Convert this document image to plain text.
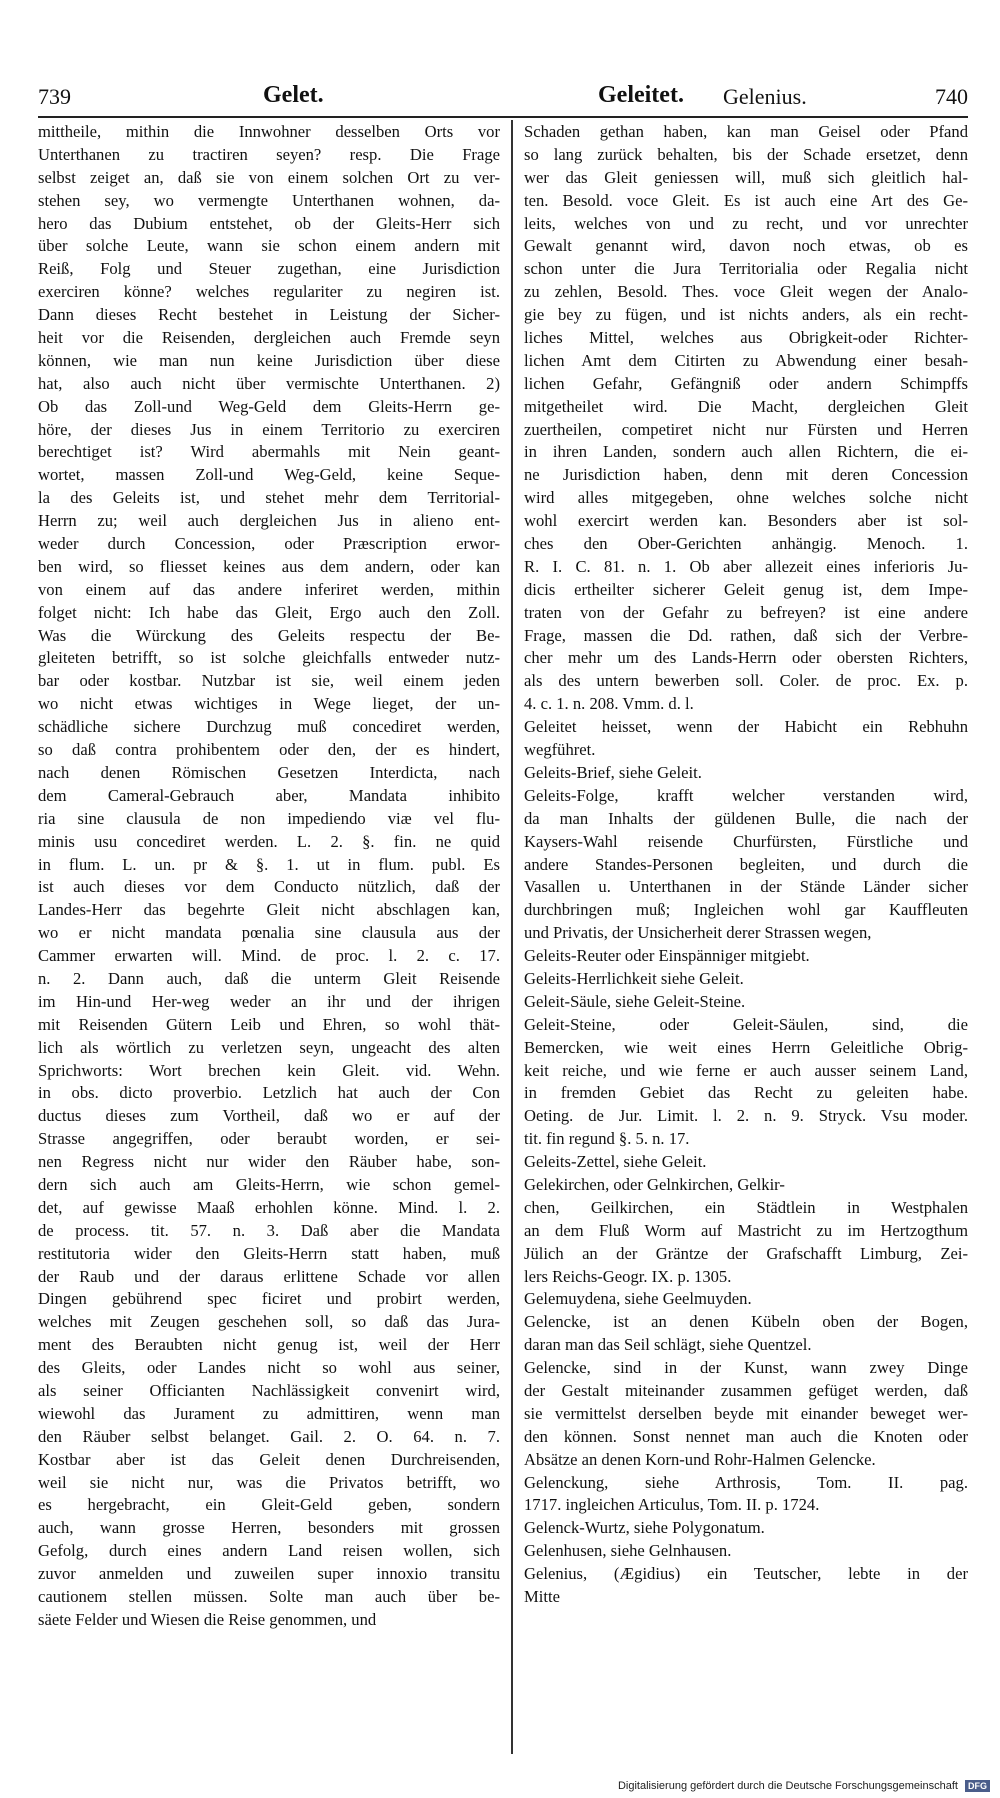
739	Gelet.	Geleitet. Gelenius.	740
mittheile, mithin die Innwohner desselben Orts vor
Unterthanen zu tractiren seyen? resp. Die Frage
selbst zeiget an, daß sie von einem solchen Ort zu ver-
stehen sey, wo vermengte Unterthanen wohnen, da-
hero das Dubium entstehet, ob der Gleits-Herr sich
über solche Leute, wann sie schon einem andern mit
Reiß, Folg und Steuer zugethan, eine Jurisdiction
exerciren könne? welches regulariter zu negiren ist.
Dann dieses Recht bestehet in Leistung der Sicher-
heit vor die Reisenden, dergleichen auch Fremde seyn
können, wie man nun keine Jurisdiction über diese
hat, also auch nicht über vermischte Unterthanen. 2)
Ob das Zoll-und Weg-Geld dem Gleits-Herrn ge-
höre, der dieses Jus in einem Territorio zu exerciren
berechtiget ist? Wird abermahls mit Nein geant-
wortet, massen Zoll-und Weg-Geld, keine Seque-
la des Geleits ist, und stehet mehr dem Territorial-
Herrn zu; weil auch dergleichen Jus in alieno ent-
weder durch Concession, oder Præscription erwor-
ben wird, so fliesset keines aus dem andern, oder kan
von einem auf das andere inferiret werden, mithin
folget nicht: Ich habe das Gleit, Ergo auch den Zoll.
Was die Würckung des Geleits respectu der Be-
gleiteten betrifft, so ist solche gleichfalls entweder nutz-
bar oder kostbar. Nutzbar ist sie, weil einem jeden
wo nicht etwas wichtiges in Wege lieget, der un-
schädliche sichere Durchzug muß concediret werden,
so daß contra prohibentem oder den, der es hindert,
nach denen Römischen Gesetzen Interdicta, nach
dem Cameral-Gebrauch aber, Mandata inhibito
ria sine clausula de non impediendo viæ vel flu-
minis usu concediret werden. L. 2. §. fin. ne quid
in flum. L. un. pr & §. 1. ut in flum. publ. Es
ist auch dieses vor dem Conducto nützlich, daß der
Landes-Herr das begehrte Gleit nicht abschlagen kan,
wo er nicht mandata pœnalia sine clausula aus der
Cammer erwarten will. Mind. de proc. l. 2. c. 17.
n. 2. Dann auch, daß die unterm Gleit Reisende
im Hin-und Her-weg weder an ihr und der ihrigen
mit Reisenden Gütern Leib und Ehren, so wohl thät-
lich als wörtlich zu verletzen seyn, ungeacht des alten
Sprichworts: Wort brechen kein Gleit. vid. Wehn.
in obs. dicto proverbio. Letzlich hat auch der Con
ductus dieses zum Vortheil, daß wo er auf der
Strasse angegriffen, oder beraubt worden, er sei-
nen Regress nicht nur wider den Räuber habe, son-
dern sich auch am Gleits-Herrn, wie schon gemel-
det, auf gewisse Maaß erhohlen könne. Mind. l. 2.
de process. tit. 57. n. 3. Daß aber die Mandata
restitutoria wider den Gleits-Herrn statt haben, muß
der Raub und der daraus erlittene Schade vor allen
Dingen gebührend spec ficiret und probirt werden,
welches mit Zeugen geschehen soll, so daß das Jura-
ment des Beraubten nicht genug ist, weil der Herr
des Gleits, oder Landes nicht so wohl aus seiner,
als seiner Officianten Nachlässigkeit convenirt wird,
wiewohl das Jurament zu admittiren, wenn man
den Räuber selbst belanget. Gail. 2. O. 64. n. 7.
Kostbar aber ist das Geleit denen Durchreisenden,
weil sie nicht nur, was die Privatos betrifft, wo
es hergebracht, ein Gleit-Geld geben, sondern
auch, wann grosse Herren, besonders mit grossen
Gefolg, durch eines andern Land reisen wollen, sich
zuvor anmelden und zuweilen super innoxio transitu
cautionem stellen müssen. Solte man auch über be-
säete Felder und Wiesen die Reise genommen, und
Schaden gethan haben, kan man Geisel oder Pfand
so lang zurück behalten, bis der Schade ersetzet, denn
wer das Gleit geniessen will, muß sich gleitlich hal-
ten. Besold. voce Gleit. Es ist auch eine Art des Ge-
leits, welches von und zu recht, und vor unrechter
Gewalt genannt wird, davon noch etwas, ob es
schon unter die Jura Territorialia oder Regalia nicht
zu zehlen, Besold. Thes. voce Gleit wegen der Analo-
gie bey zu fügen, und ist nichts anders, als ein recht-
liches Mittel, welches aus Obrigkeit-oder Richter-
lichen Amt dem Citirten zu Abwendung einer besah-
lichen Gefahr, Gefängniß oder andern Schimpffs
mitgetheilet wird. Die Macht, dergleichen Gleit
zuertheilen, competiret nicht nur Fürsten und Herren
in ihren Landen, sondern auch allen Richtern, die ei-
ne Jurisdiction haben, denn mit deren Concession
wird alles mitgegeben, ohne welches solche nicht
wohl exercirt werden kan. Besonders aber ist sol-
ches den Ober-Gerichten anhängig. Menoch. 1.
R. I. C. 81. n. 1. Ob aber allezeit eines inferioris Ju-
dicis ertheilter sicherer Geleit genug ist, dem Impe-
traten von der Gefahr zu befreyen? ist eine andere
Frage, massen die Dd. rathen, daß sich der Verbre-
cher mehr um des Lands-Herrn oder obersten Richters,
als des untern bewerben soll. Coler. de proc. Ex. p.
4. c. 1. n. 208. Vmm. d. l.
Geleitet heisset, wenn der Habicht ein Rebhuhn
wegführet.
Geleits-Brief, siehe Geleit.
Geleits-Folge, krafft welcher verstanden wird,
da man Inhalts der güldenen Bulle, die nach der
Kaysers-Wahl reisende Churfürsten, Fürstliche und
andere Standes-Personen begleiten, und durch die
Vasallen u. Unterthanen in der Stände Länder sicher
durchbringen muß; Ingleichen wohl gar Kauffleuten
und Privatis, der Unsicherheit derer Strassen wegen,
Geleits-Reuter oder Einspänniger mitgiebt.
Geleits-Herrlichkeit siehe Geleit.
Geleit-Säule, siehe Geleit-Steine.
Geleit-Steine, oder Geleit-Säulen, sind, die
Bemercken, wie weit eines Herrn Geleitliche Obrig-
keit reiche, und wie ferne er auch ausser seinem Land,
in fremden Gebiet das Recht zu geleiten habe.
Oeting. de Jur. Limit. l. 2. n. 9. Stryck. Vsu moder.
tit. fin regund §. 5. n. 17.
Geleits-Zettel, siehe Geleit.
Gelekirchen, oder Gelnkirchen, Gelkir-
chen, Geilkirchen, ein Städtlein in Westphalen
an dem Fluß Worm auf Mastricht zu im Hertzogthum
Jülich an der Gräntze der Grafschafft Limburg, Zei-
lers Reichs-Geogr. IX. p. 1305.
Gelemuydena, siehe Geelmuyden.
Gelencke, ist an denen Kübeln oben der Bogen,
daran man das Seil schlägt, siehe Quentzel.
Gelencke, sind in der Kunst, wann zwey Dinge
der Gestalt miteinander zusammen gefüget werden, daß
sie vermittelst derselben beyde mit einander beweget wer-
den können. Sonst nennet man auch die Knoten oder
Absätze an denen Korn-und Rohr-Halmen Gelencke.
Gelenckung, siehe Arthrosis, Tom. II. pag.
1717. ingleichen Articulus, Tom. II. p. 1724.
Gelenck-Wurtz, siehe Polygonatum.
Gelenhusen, siehe Gelnhausen.
Gelenius, (Ægidius) ein Teutscher, lebte in der
Mitte
Digitalisierung gefördert durch die Deutsche Forschungsgemeinschaft DFG
